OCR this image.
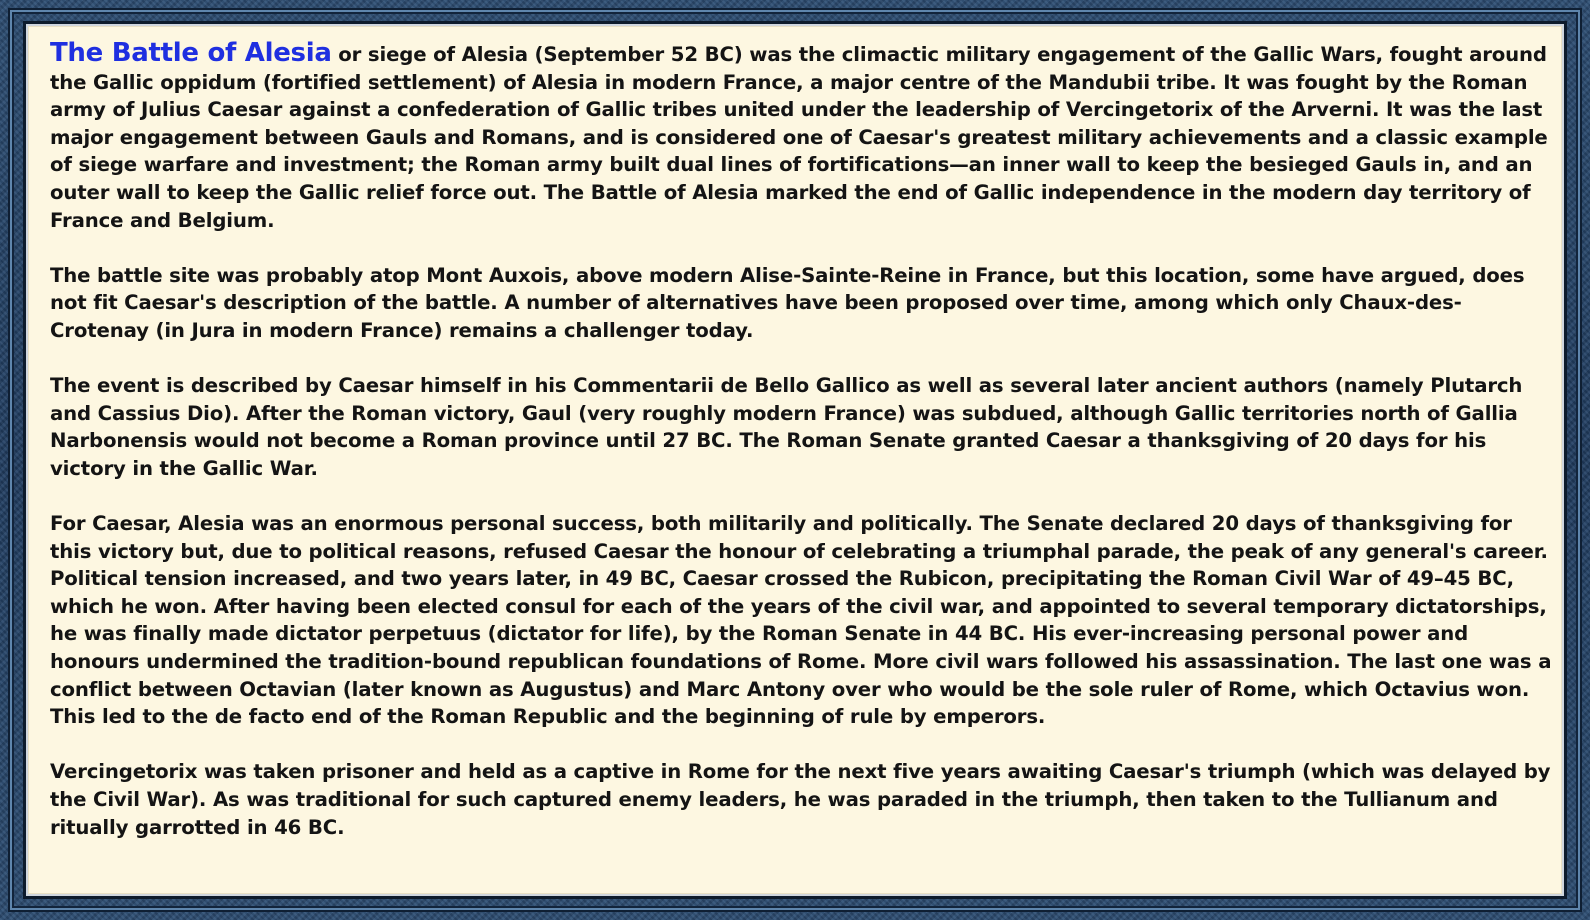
The Battle of Alesia or siege of Alesia (September 52 BC) was the climactic military engagement of the Gallic Wars, fought around the Gallic oppidum (fortified settlement) of Alesia in modern France, a major centre of the Mandubii tribe. It was fought by the Roman army of Julius Caesar against a confederation of Gallic tribes united under the leadership of Vercingetorix of the Arverni. It was the last major engagement between Gauls and Romans, and is considered one of Caesar's greatest military achievements and a classic example of siege warfare and investment; the Roman army built dual lines of fortifications—an inner wall to keep the besieged Gauls in, and an outer wall to keep the Gallic relief force out. The Battle of Alesia marked the end of Gallic independence in the modern day territory of France and Belgium.

The battle site was probably atop Mont Auxois, above modern Alise-Sainte-Reine in France, but this location, some have argued, does not fit Caesar's description of the battle. A number of alternatives have been proposed over time, among which only Chaux-des-Crotenay (in Jura in modern France) remains a challenger today.

The event is described by Caesar himself in his Commentarii de Bello Gallico as well as several later ancient authors (namely Plutarch and Cassius Dio). After the Roman victory, Gaul (very roughly modern France) was subdued, although Gallic territories north of Gallia Narbonensis would not become a Roman province until 27 BC. The Roman Senate granted Caesar a thanksgiving of 20 days for his victory in the Gallic War.

For Caesar, Alesia was an enormous personal success, both militarily and politically. The Senate declared 20 days of thanksgiving for this victory but, due to political reasons, refused Caesar the honour of celebrating a triumphal parade, the peak of any general's career. Political tension increased, and two years later, in 49 BC, Caesar crossed the Rubicon, precipitating the Roman Civil War of 49–45 BC, which he won. After having been elected consul for each of the years of the civil war, and appointed to several temporary dictatorships, he was finally made dictator perpetuus (dictator for life), by the Roman Senate in 44 BC. His ever-increasing personal power and honours undermined the tradition-bound republican foundations of Rome. More civil wars followed his assassination. The last one was a conflict between Octavian (later known as Augustus) and Marc Antony over who would be the sole ruler of Rome, which Octavius won. This led to the de facto end of the Roman Republic and the beginning of rule by emperors.

Vercingetorix was taken prisoner and held as a captive in Rome for the next five years awaiting Caesar's triumph (which was delayed by the Civil War). As was traditional for such captured enemy leaders, he was paraded in the triumph, then taken to the Tullianum and ritually garrotted in 46 BC.
